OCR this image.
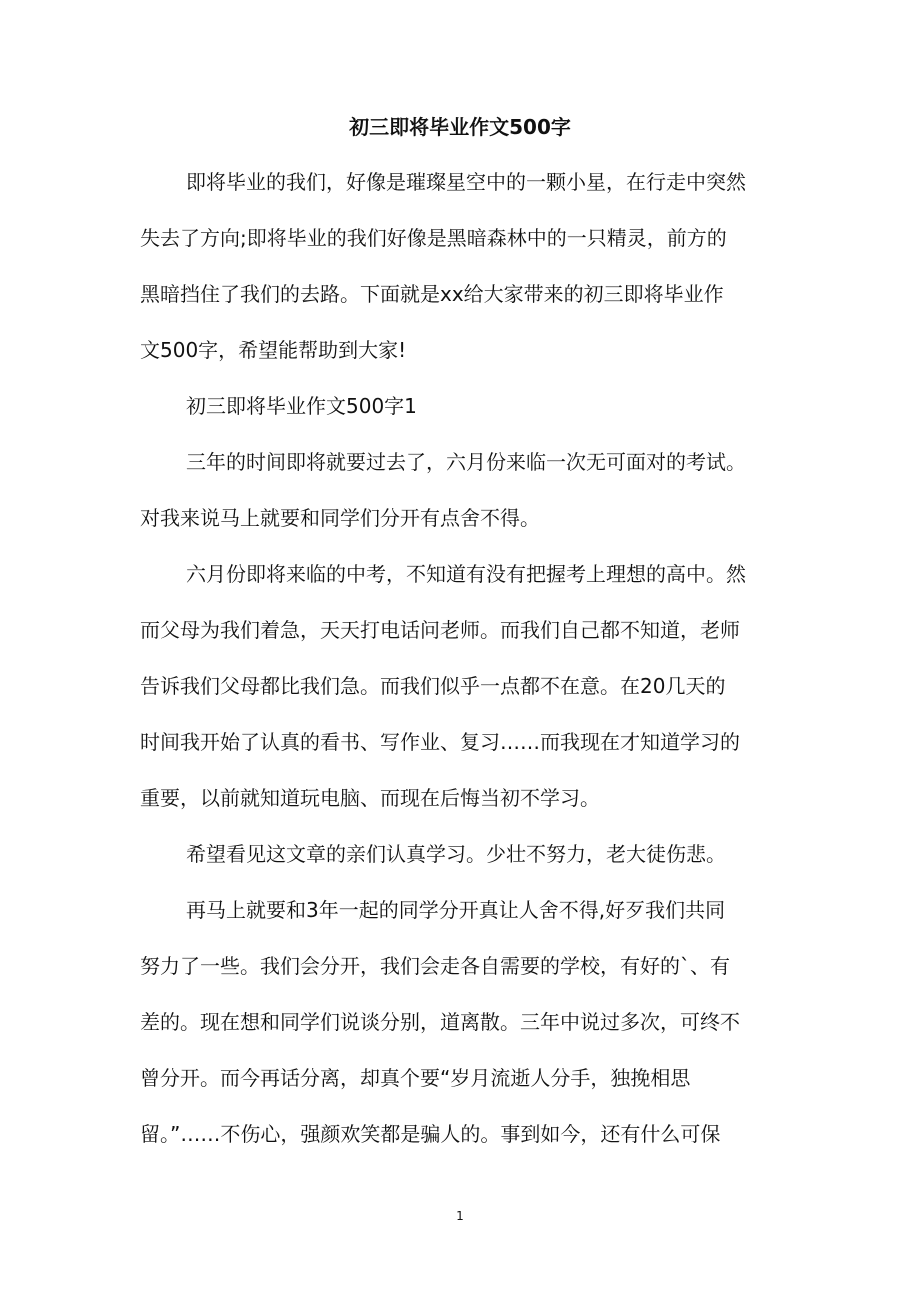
初三即将毕业作文500字
即将毕业的我们，好像是璀璨星空中的一颗小星，在行走中突然
失去了方向;即将毕业的我们好像是黑暗森林中的一只精灵，前方的
黑暗挡住了我们的去路。下面就是xx给大家带来的初三即将毕业作
文500字，希望能帮助到大家!
初三即将毕业作文500字1
三年的时间即将就要过去了，六月份来临一次无可面对的考试。
对我来说马上就要和同学们分开有点舍不得。
六月份即将来临的中考，不知道有没有把握考上理想的高中。然
而父母为我们着急，天天打电话问老师。而我们自己都不知道，老师
告诉我们父母都比我们急。而我们似乎一点都不在意。在20几天的
时间我开始了认真的看书、写作业、复习……而我现在才知道学习的
重要，以前就知道玩电脑、而现在后悔当初不学习。
希望看见这文章的亲们认真学习。少壮不努力，老大徒伤悲。
再马上就要和3年一起的同学分开真让人舍不得,好歹我们共同
努力了一些。我们会分开，我们会走各自需要的学校，有好的`、有
差的。现在想和同学们说谈分别，道离散。三年中说过多次，可终不
曾分开。而今再话分离，却真个要“岁月流逝人分手，独挽相思
留。”……不伤心，强颜欢笑都是骗人的。事到如今，还有什么可保
1
